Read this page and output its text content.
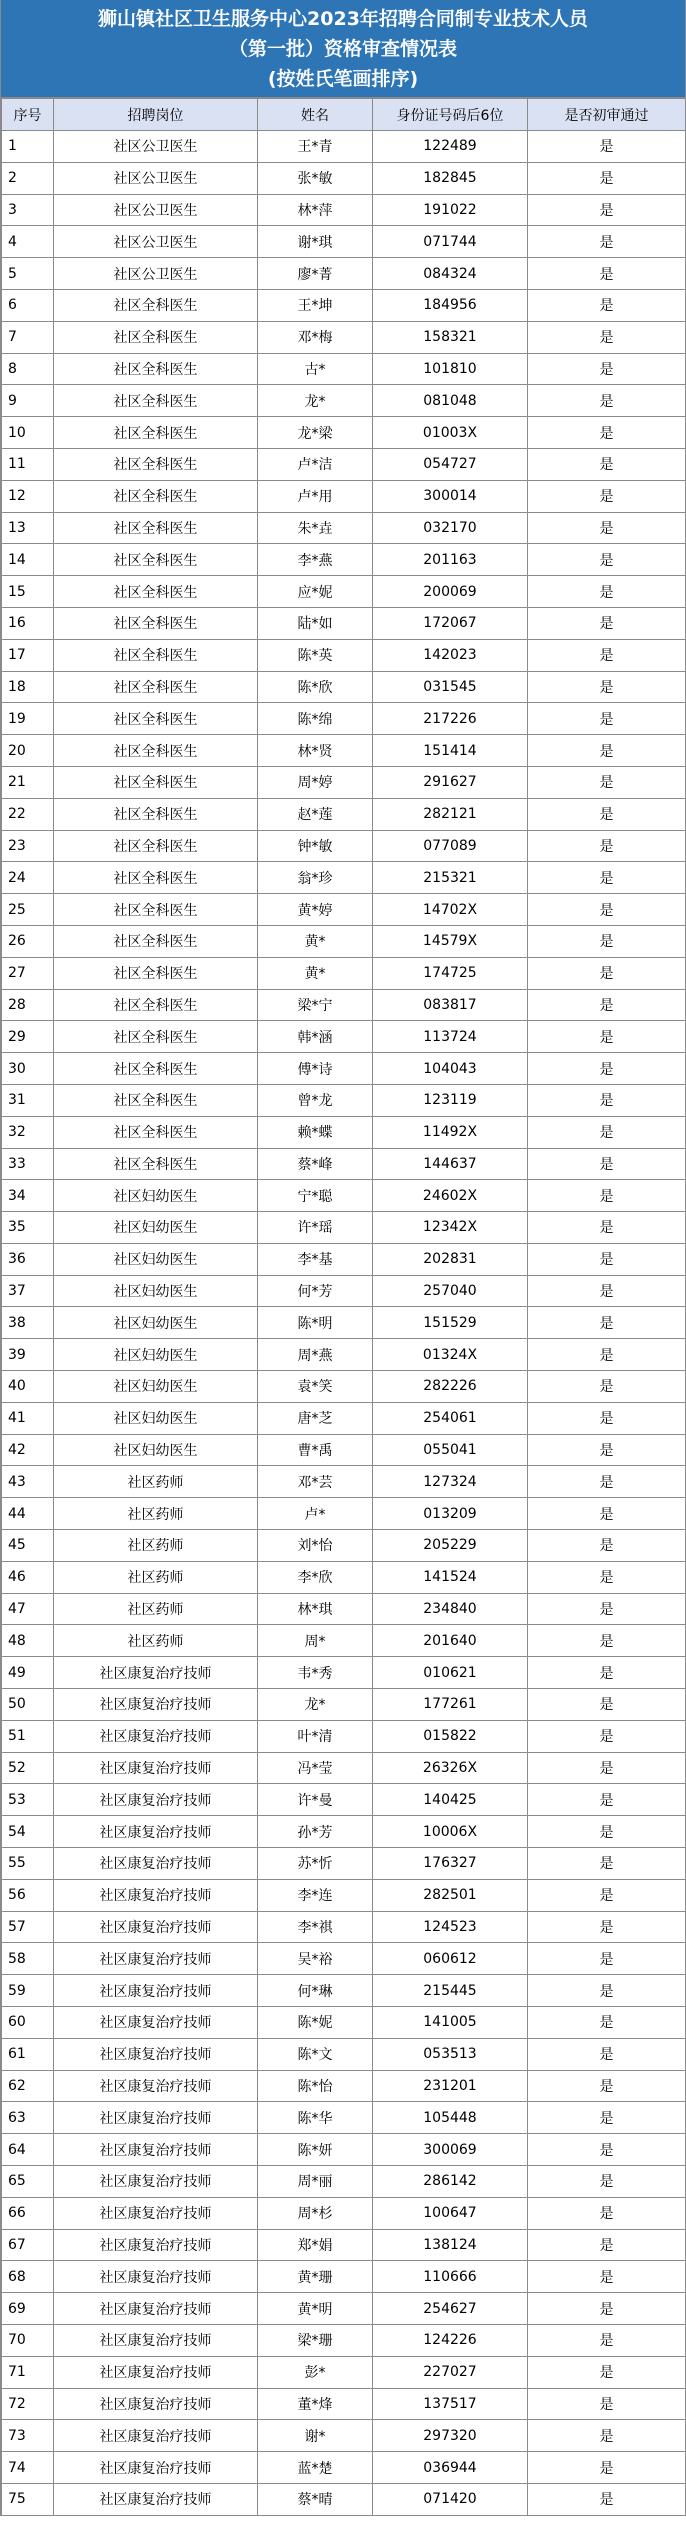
狮山镇社区卫生服务中心2023年招聘合同制专业技术人员
（第一批）资格审查情况表
(按姓氏笔画排序)
序号	招聘岗位	姓名	身份证号码后6位	是否初审通过
1	社区公卫医生	王*青	122489	是
2	社区公卫医生	张*敏	182845	是
3	社区公卫医生	林*萍	191022	是
4	社区公卫医生	谢*琪	071744	是
5	社区公卫医生	廖*菁	084324	是
6	社区全科医生	王*坤	184956	是
7	社区全科医生	邓*梅	158321	是
8	社区全科医生	古*	101810	是
9	社区全科医生	龙*	081048	是
10	社区全科医生	龙*梁	01003X	是
11	社区全科医生	卢*洁	054727	是
12	社区全科医生	卢*用	300014	是
13	社区全科医生	朱*垚	032170	是
14	社区全科医生	李*燕	201163	是
15	社区全科医生	应*妮	200069	是
16	社区全科医生	陆*如	172067	是
17	社区全科医生	陈*英	142023	是
18	社区全科医生	陈*欣	031545	是
19	社区全科医生	陈*绵	217226	是
20	社区全科医生	林*贤	151414	是
21	社区全科医生	周*婷	291627	是
22	社区全科医生	赵*莲	282121	是
23	社区全科医生	钟*敏	077089	是
24	社区全科医生	翁*珍	215321	是
25	社区全科医生	黄*婷	14702X	是
26	社区全科医生	黄*	14579X	是
27	社区全科医生	黄*	174725	是
28	社区全科医生	梁*宁	083817	是
29	社区全科医生	韩*涵	113724	是
30	社区全科医生	傅*诗	104043	是
31	社区全科医生	曾*龙	123119	是
32	社区全科医生	赖*蝶	11492X	是
33	社区全科医生	蔡*峰	144637	是
34	社区妇幼医生	宁*聪	24602X	是
35	社区妇幼医生	许*瑶	12342X	是
36	社区妇幼医生	李*基	202831	是
37	社区妇幼医生	何*芳	257040	是
38	社区妇幼医生	陈*明	151529	是
39	社区妇幼医生	周*燕	01324X	是
40	社区妇幼医生	袁*笑	282226	是
41	社区妇幼医生	唐*芝	254061	是
42	社区妇幼医生	曹*禹	055041	是
43	社区药师	邓*芸	127324	是
44	社区药师	卢*	013209	是
45	社区药师	刘*怡	205229	是
46	社区药师	李*欣	141524	是
47	社区药师	林*琪	234840	是
48	社区药师	周*	201640	是
49	社区康复治疗技师	韦*秀	010621	是
50	社区康复治疗技师	龙*	177261	是
51	社区康复治疗技师	叶*清	015822	是
52	社区康复治疗技师	冯*莹	26326X	是
53	社区康复治疗技师	许*曼	140425	是
54	社区康复治疗技师	孙*芳	10006X	是
55	社区康复治疗技师	苏*忻	176327	是
56	社区康复治疗技师	李*连	282501	是
57	社区康复治疗技师	李*祺	124523	是
58	社区康复治疗技师	吴*裕	060612	是
59	社区康复治疗技师	何*琳	215445	是
60	社区康复治疗技师	陈*妮	141005	是
61	社区康复治疗技师	陈*文	053513	是
62	社区康复治疗技师	陈*怡	231201	是
63	社区康复治疗技师	陈*华	105448	是
64	社区康复治疗技师	陈*妍	300069	是
65	社区康复治疗技师	周*丽	286142	是
66	社区康复治疗技师	周*杉	100647	是
67	社区康复治疗技师	郑*娟	138124	是
68	社区康复治疗技师	黄*珊	110666	是
69	社区康复治疗技师	黄*明	254627	是
70	社区康复治疗技师	梁*珊	124226	是
71	社区康复治疗技师	彭*	227027	是
72	社区康复治疗技师	董*烽	137517	是
73	社区康复治疗技师	谢*	297320	是
74	社区康复治疗技师	蓝*楚	036944	是
75	社区康复治疗技师	蔡*晴	071420	是
